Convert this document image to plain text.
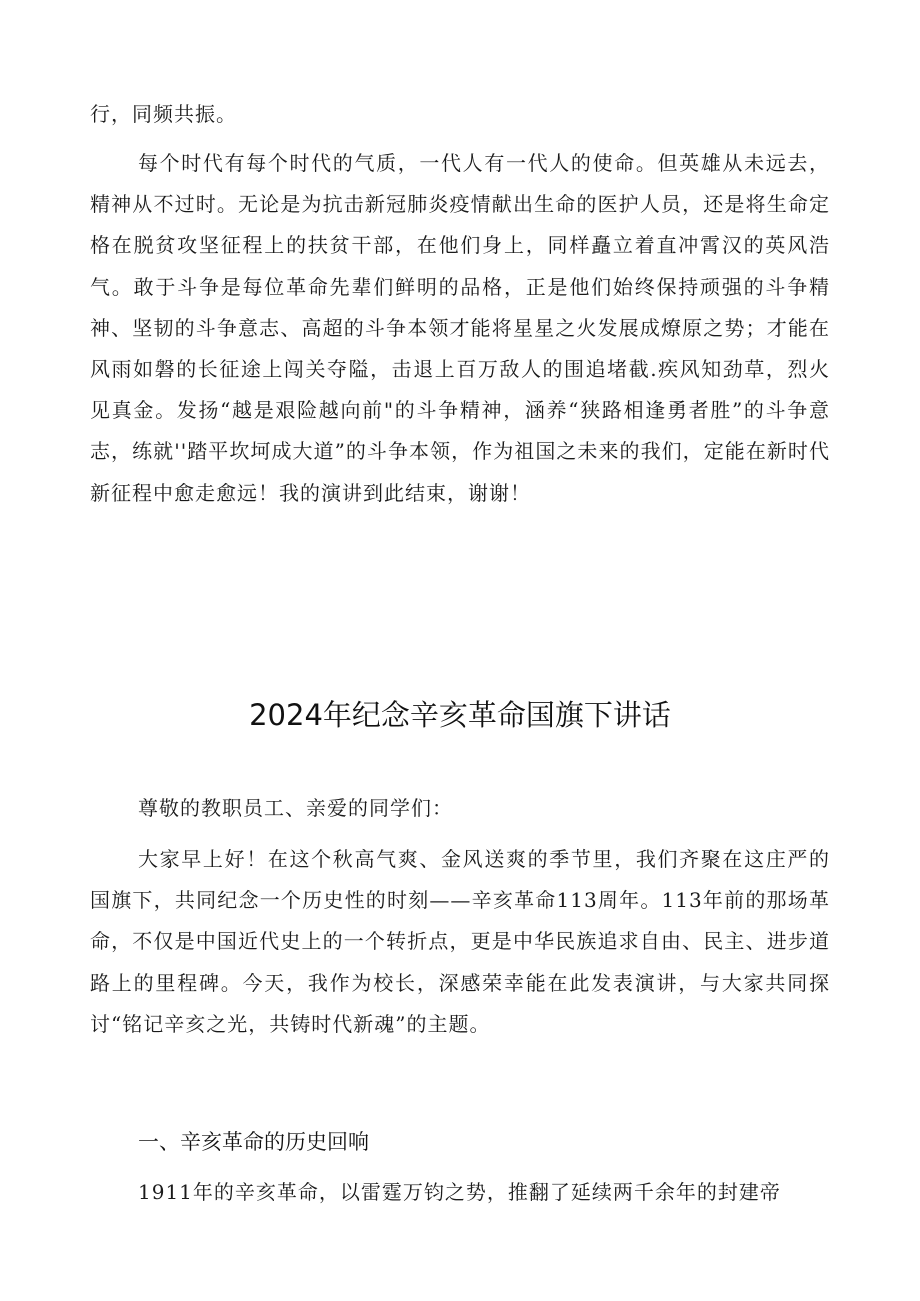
行，同频共振。

每个时代有每个时代的气质，一代人有一代人的使命。但英雄从未远去，精神从不过时。无论是为抗击新冠肺炎疫情献出生命的医护人员，还是将生命定格在脱贫攻坚征程上的扶贫干部，在他们身上，同样矗立着直冲霄汉的英风浩气。敢于斗争是每位革命先辈们鲜明的品格，正是他们始终保持顽强的斗争精神、坚韧的斗争意志、高超的斗争本领才能将星星之火发展成燎原之势；才能在风雨如磐的长征途上闯关夺隘，击退上百万敌人的围追堵截.疾风知劲草，烈火见真金。发扬“越是艰险越向前"的斗争精神，涵养“狭路相逢勇者胜”的斗争意志，练就''踏平坎坷成大道”的斗争本领，作为祖国之未来的我们，定能在新时代新征程中愈走愈远！我的演讲到此结束，谢谢！

2024年纪念辛亥革命国旗下讲话

尊敬的教职员工、亲爱的同学们：

大家早上好！在这个秋高气爽、金风送爽的季节里，我们齐聚在这庄严的国旗下，共同纪念一个历史性的时刻——辛亥革命113周年。113年前的那场革命，不仅是中国近代史上的一个转折点，更是中华民族追求自由、民主、进步道路上的里程碑。今天，我作为校长，深感荣幸能在此发表演讲，与大家共同探讨“铭记辛亥之光，共铸时代新魂”的主题。

一、辛亥革命的历史回响

1911年的辛亥革命，以雷霆万钧之势，推翻了延续两千余年的封建帝
